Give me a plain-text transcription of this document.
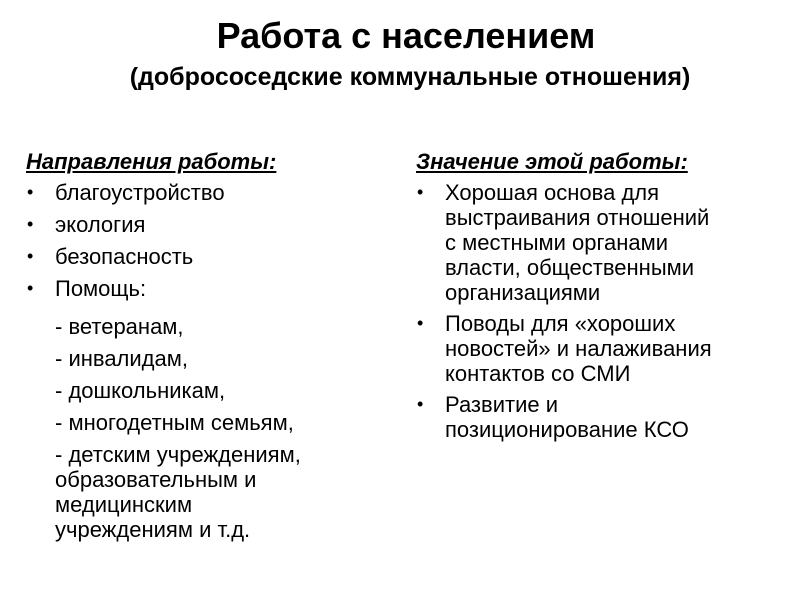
Работа с населением
(добрососедские коммунальные отношения)
Направления работы:
• благоустройство
• экология
• безопасность
• Помощь:
- ветеранам,
- инвалидам,
- дошкольникам,
- многодетным семьям,
- детским учреждениям,
образовательным и
медицинским
учреждениям и т.д.
Значение этой работы:
• Хорошая основа для
выстраивания отношений
с местными органами
власти, общественными
организациями
• Поводы для «хороших
новостей» и налаживания
контактов со СМИ
• Развитие и
позиционирование КСО
